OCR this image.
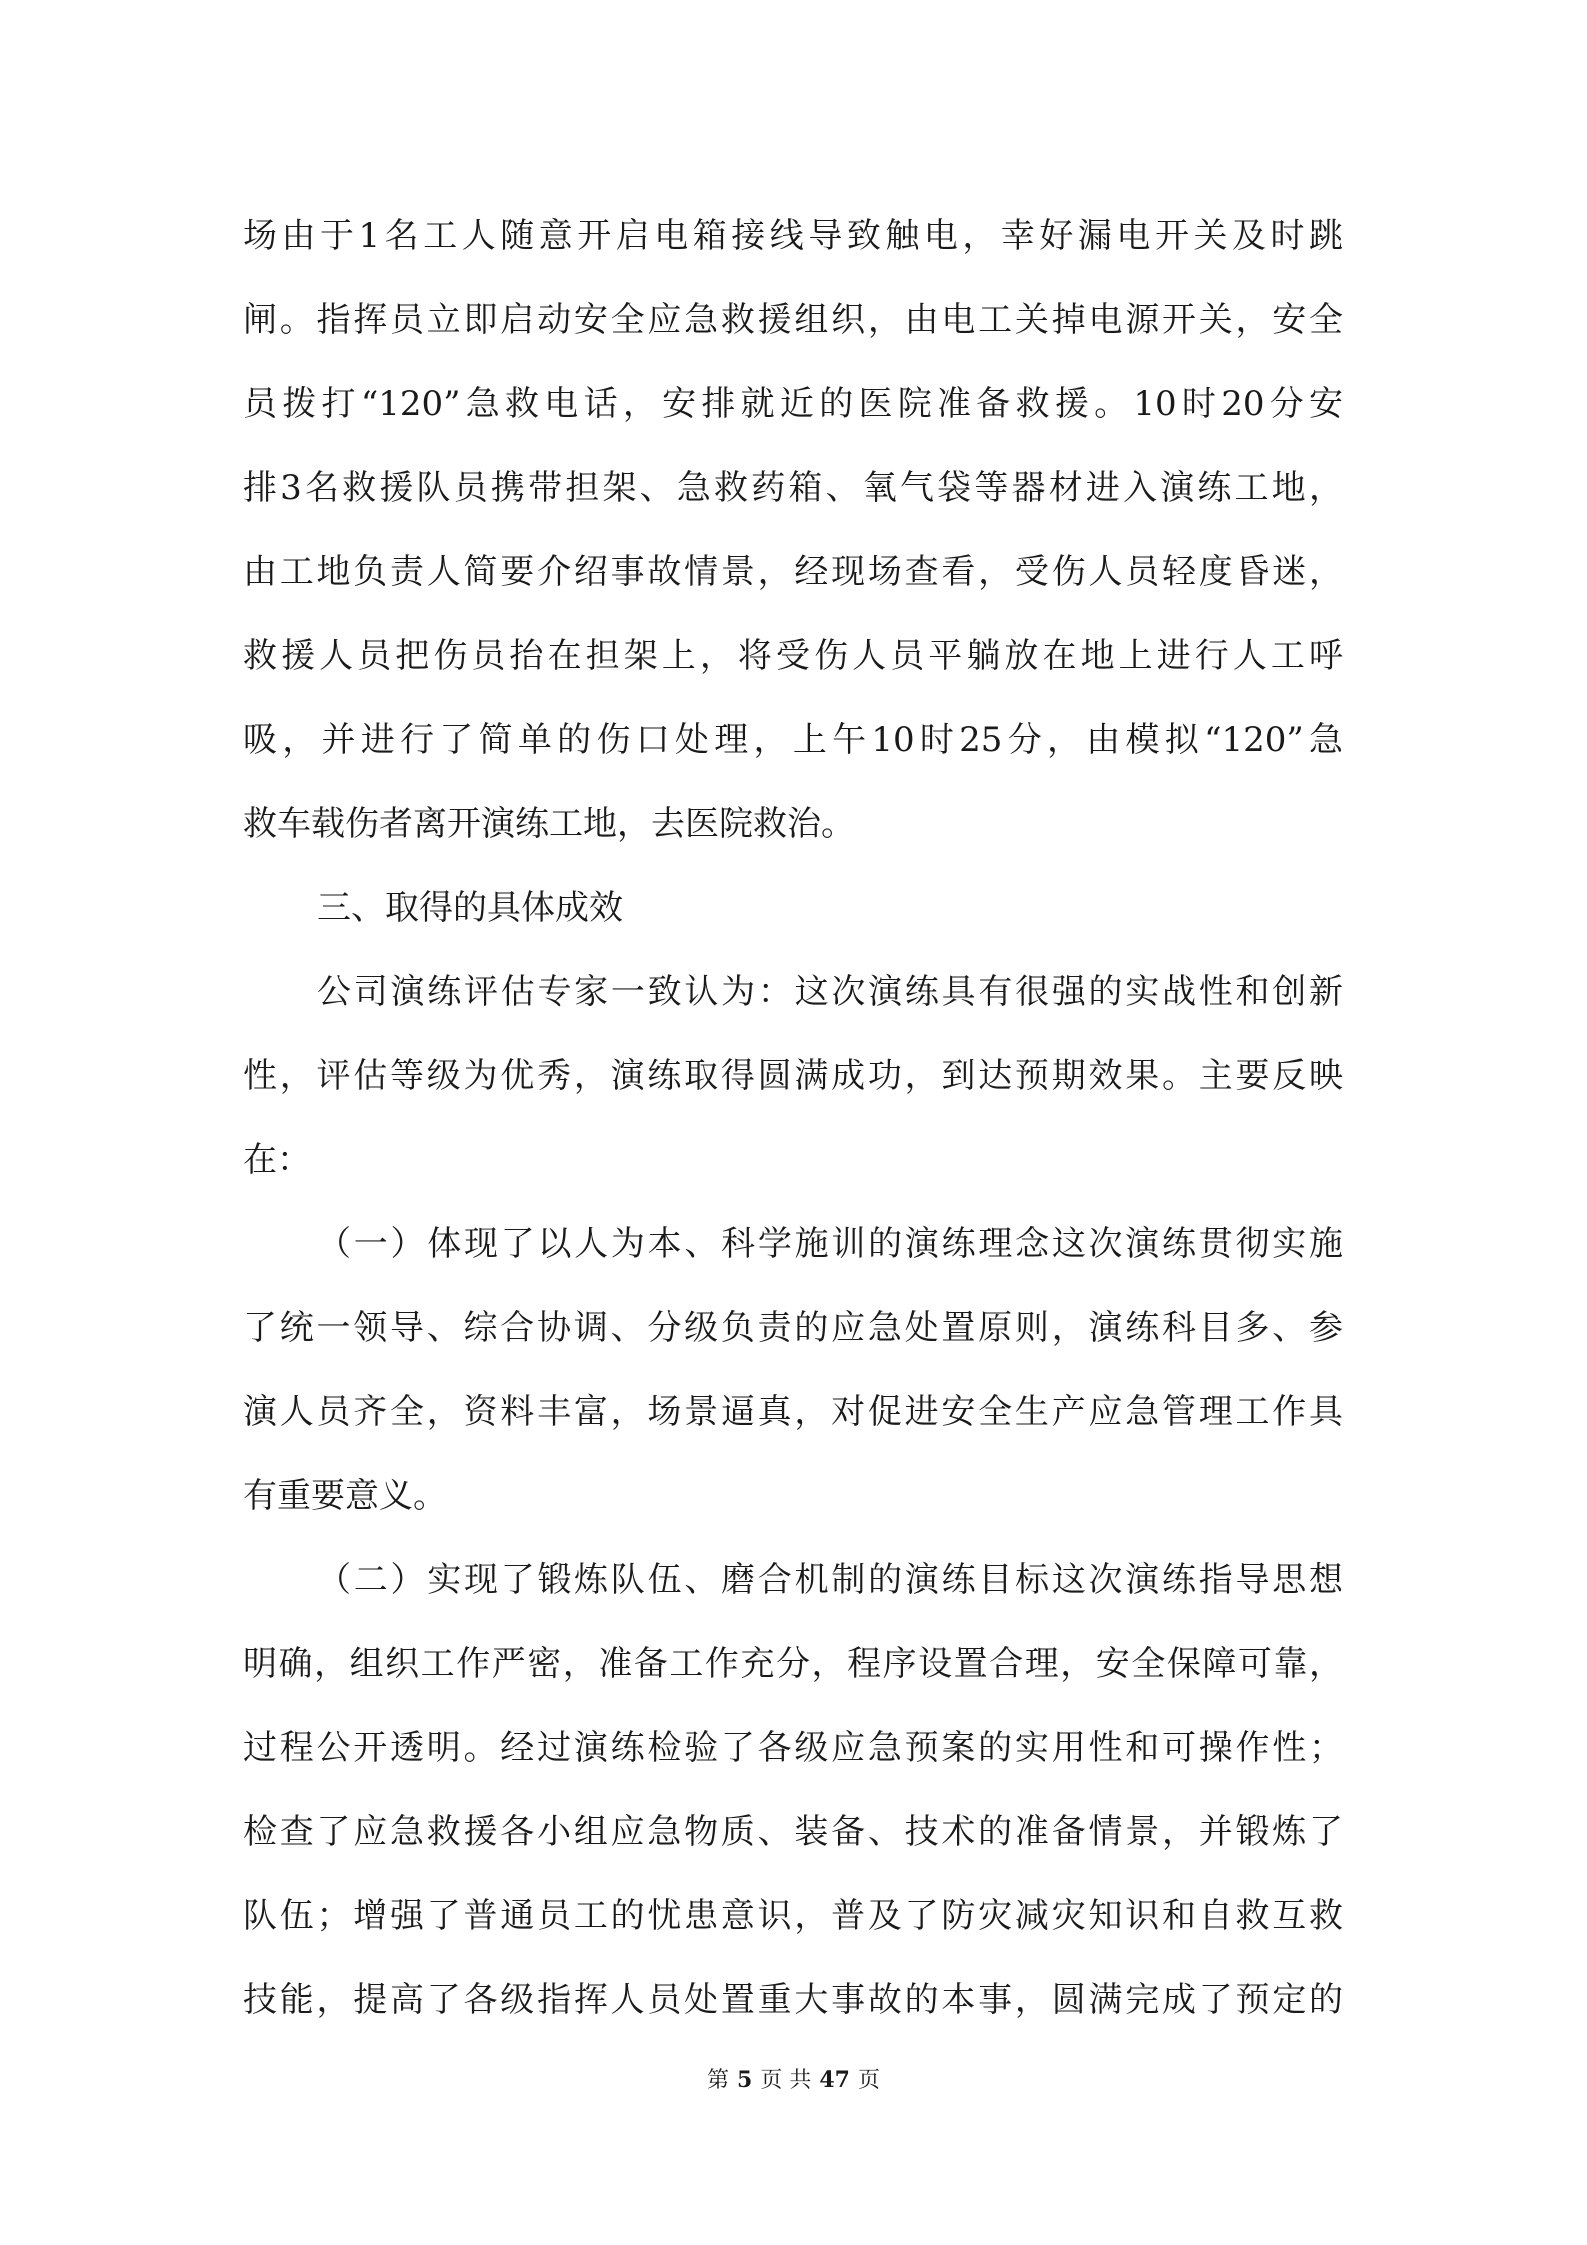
场由于1名工人随意开启电箱接线导致触电，幸好漏电开关及时跳
闸。指挥员立即启动安全应急救援组织，由电工关掉电源开关，安全
员拨打“120”急救电话，安排就近的医院准备救援。10时20分安
排3名救援队员携带担架、急救药箱、氧气袋等器材进入演练工地，
由工地负责人简要介绍事故情景，经现场查看，受伤人员轻度昏迷，
救援人员把伤员抬在担架上，将受伤人员平躺放在地上进行人工呼
吸，并进行了简单的伤口处理，上午10时25分，由模拟“120”急
救车载伤者离开演练工地，去医院救治。
三、取得的具体成效
公司演练评估专家一致认为：这次演练具有很强的实战性和创新
性，评估等级为优秀，演练取得圆满成功，到达预期效果。主要反映
在：
（一）体现了以人为本、科学施训的演练理念这次演练贯彻实施
了统一领导、综合协调、分级负责的应急处置原则，演练科目多、参
演人员齐全，资料丰富，场景逼真，对促进安全生产应急管理工作具
有重要意义。
（二）实现了锻炼队伍、磨合机制的演练目标这次演练指导思想
明确，组织工作严密，准备工作充分，程序设置合理，安全保障可靠，
过程公开透明。经过演练检验了各级应急预案的实用性和可操作性；
检查了应急救援各小组应急物质、装备、技术的准备情景，并锻炼了
队伍；增强了普通员工的忧患意识，普及了防灾减灾知识和自救互救
技能，提高了各级指挥人员处置重大事故的本事，圆满完成了预定的
第 5 页 共 47 页
